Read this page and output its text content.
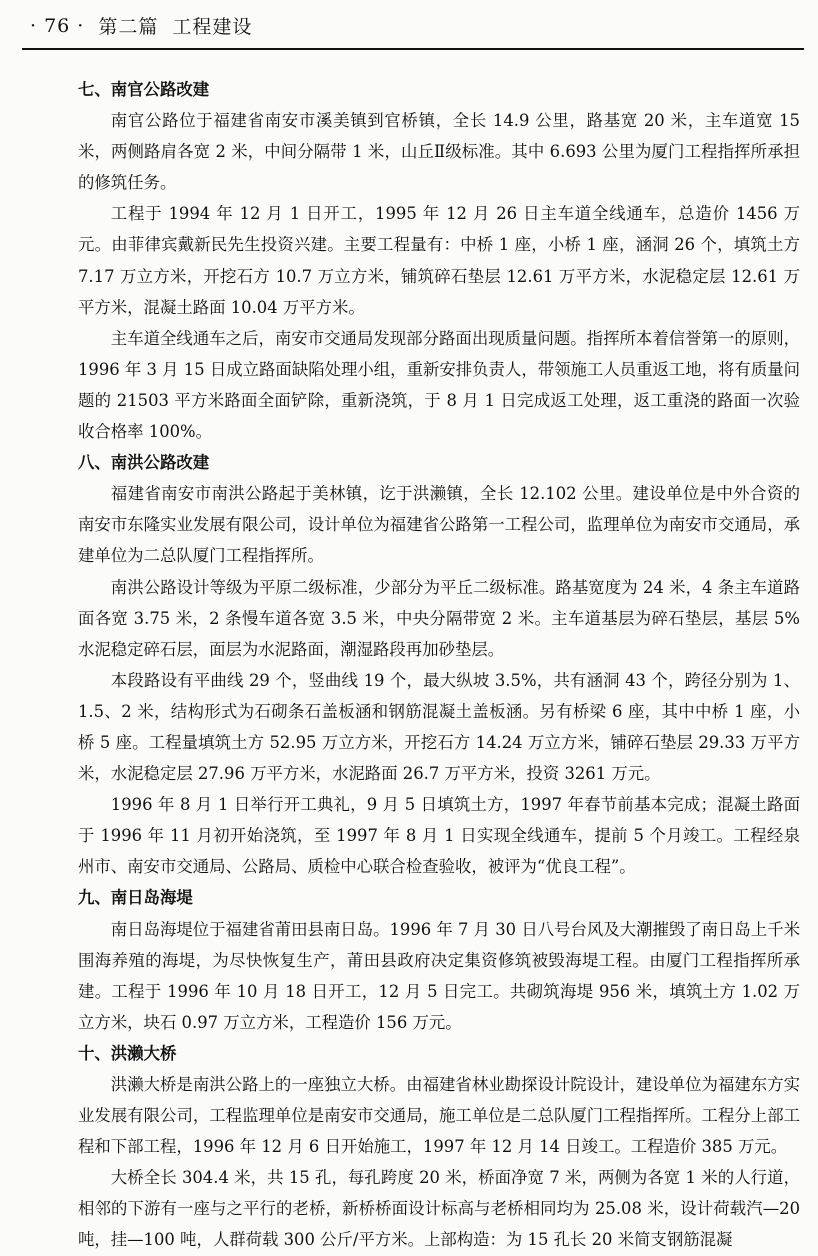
· 76 · 第二篇 工程建设
七、南官公路改建

南官公路位于福建省南安市溪美镇到官桥镇，全长 14.9 公里，路基宽 20 米，主车道宽 15 米，两侧路肩各宽 2 米，中间分隔带 1 米，山丘Ⅱ级标准。其中 6.693 公里为厦门工程指挥所承担的修筑任务。

工程于 1994 年 12 月 1 日开工，1995 年 12 月 26 日主车道全线通车，总造价 1456 万元。由菲律宾戴新民先生投资兴建。主要工程量有：中桥 1 座，小桥 1 座，涵洞 26 个，填筑土方 7.17 万立方米，开挖石方 10.7 万立方米，铺筑碎石垫层 12.61 万平方米，水泥稳定层 12.61 万平方米，混凝土路面 10.04 万平方米。

主车道全线通车之后，南安市交通局发现部分路面出现质量问题。指挥所本着信誉第一的原则，1996 年 3 月 15 日成立路面缺陷处理小组，重新安排负责人，带领施工人员重返工地，将有质量问题的 21503 平方米路面全面铲除，重新浇筑，于 8 月 1 日完成返工处理，返工重浇的路面一次验收合格率 100%。

八、南洪公路改建

福建省南安市南洪公路起于美林镇，讫于洪濑镇，全长 12.102 公里。建设单位是中外合资的南安市东隆实业发展有限公司，设计单位为福建省公路第一工程公司，监理单位为南安市交通局，承建单位为二总队厦门工程指挥所。

南洪公路设计等级为平原二级标准，少部分为平丘二级标准。路基宽度为 24 米，4 条主车道路面各宽 3.75 米，2 条慢车道各宽 3.5 米，中央分隔带宽 2 米。主车道基层为碎石垫层，基层 5% 水泥稳定碎石层，面层为水泥路面，潮湿路段再加砂垫层。

本段路设有平曲线 29 个，竖曲线 19 个，最大纵坡 3.5%，共有涵洞 43 个，跨径分别为 1、1.5、2 米，结构形式为石砌条石盖板涵和钢筋混凝土盖板涵。另有桥梁 6 座，其中中桥 1 座，小桥 5 座。工程量填筑土方 52.95 万立方米，开挖石方 14.24 万立方米，铺碎石垫层 29.33 万平方米，水泥稳定层 27.96 万平方米，水泥路面 26.7 万平方米，投资 3261 万元。

1996 年 8 月 1 日举行开工典礼，9 月 5 日填筑土方，1997 年春节前基本完成；混凝土路面于 1996 年 11 月初开始浇筑，至 1997 年 8 月 1 日实现全线通车，提前 5 个月竣工。工程经泉州市、南安市交通局、公路局、质检中心联合检查验收，被评为“优良工程”。

九、南日岛海堤

南日岛海堤位于福建省莆田县南日岛。1996 年 7 月 30 日八号台风及大潮摧毁了南日岛上千米围海养殖的海堤，为尽快恢复生产，莆田县政府决定集资修筑被毁海堤工程。由厦门工程指挥所承建。工程于 1996 年 10 月 18 日开工，12 月 5 日完工。共砌筑海堤 956 米，填筑土方 1.02 万立方米，块石 0.97 万立方米，工程造价 156 万元。

十、洪濑大桥

洪濑大桥是南洪公路上的一座独立大桥。由福建省林业勘探设计院设计，建设单位为福建东方实业发展有限公司，工程监理单位是南安市交通局，施工单位是二总队厦门工程指挥所。工程分上部工程和下部工程，1996 年 12 月 6 日开始施工，1997 年 12 月 14 日竣工。工程造价 385 万元。

大桥全长 304.4 米，共 15 孔，每孔跨度 20 米，桥面净宽 7 米，两侧为各宽 1 米的人行道，相邻的下游有一座与之平行的老桥，新桥桥面设计标高与老桥相同均为 25.08 米，设计荷载汽—20 吨，挂—100 吨，人群荷载 300 公斤/平方米。上部构造：为 15 孔长 20 米简支钢筋混凝
